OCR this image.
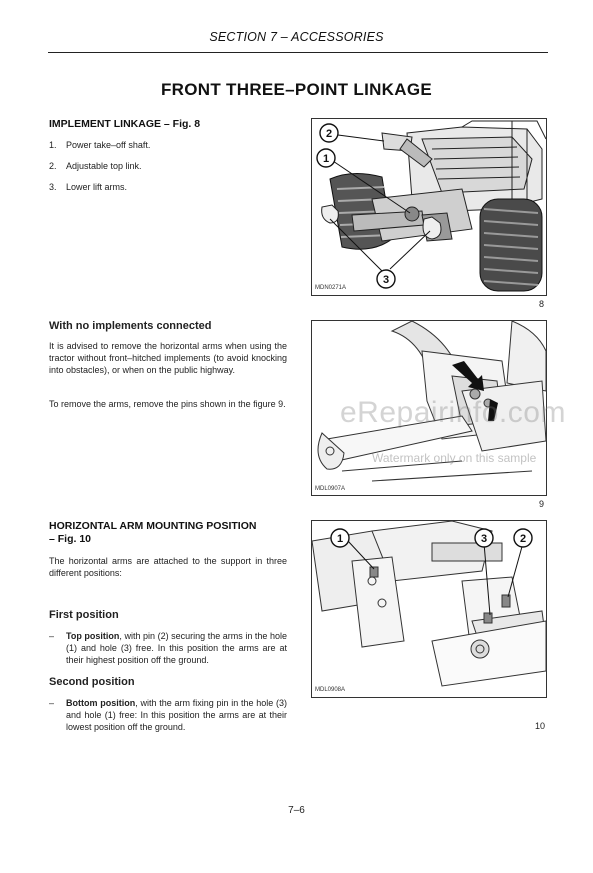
SECTION 7 – ACCESSORIES
FRONT THREE–POINT LINKAGE
IMPLEMENT LINKAGE – Fig. 8
1.	Power take–off shaft.
2.	Adjustable top link.
3.	Lower lift arms.
2
1
3
MDN0271A
8
With no implements connected

It is advised to remove the horizontal arms when using the tractor without front–hitched implements (to avoid knocking into obstacles), or when on the public highway.

To remove the arms, remove the pins shown in the figure 9.

MDL0907A
9
eRepairinfo.com
Watermark only on this sample
HORIZONTAL ARM MOUNTING POSITION
– Fig. 10

The horizontal arms are attached to the support in three different positions:

First position
–	Top position, with pin (2) securing the arms in the hole (1) and hole (3) free. In this position the arms are at their highest position off the ground.
Second position
–	Bottom position, with the arm fixing pin in the hole (3) and hole (1) free: In this position the arms are at their lowest position off the ground.
1	3	2
MDL0908A
10
7–6
